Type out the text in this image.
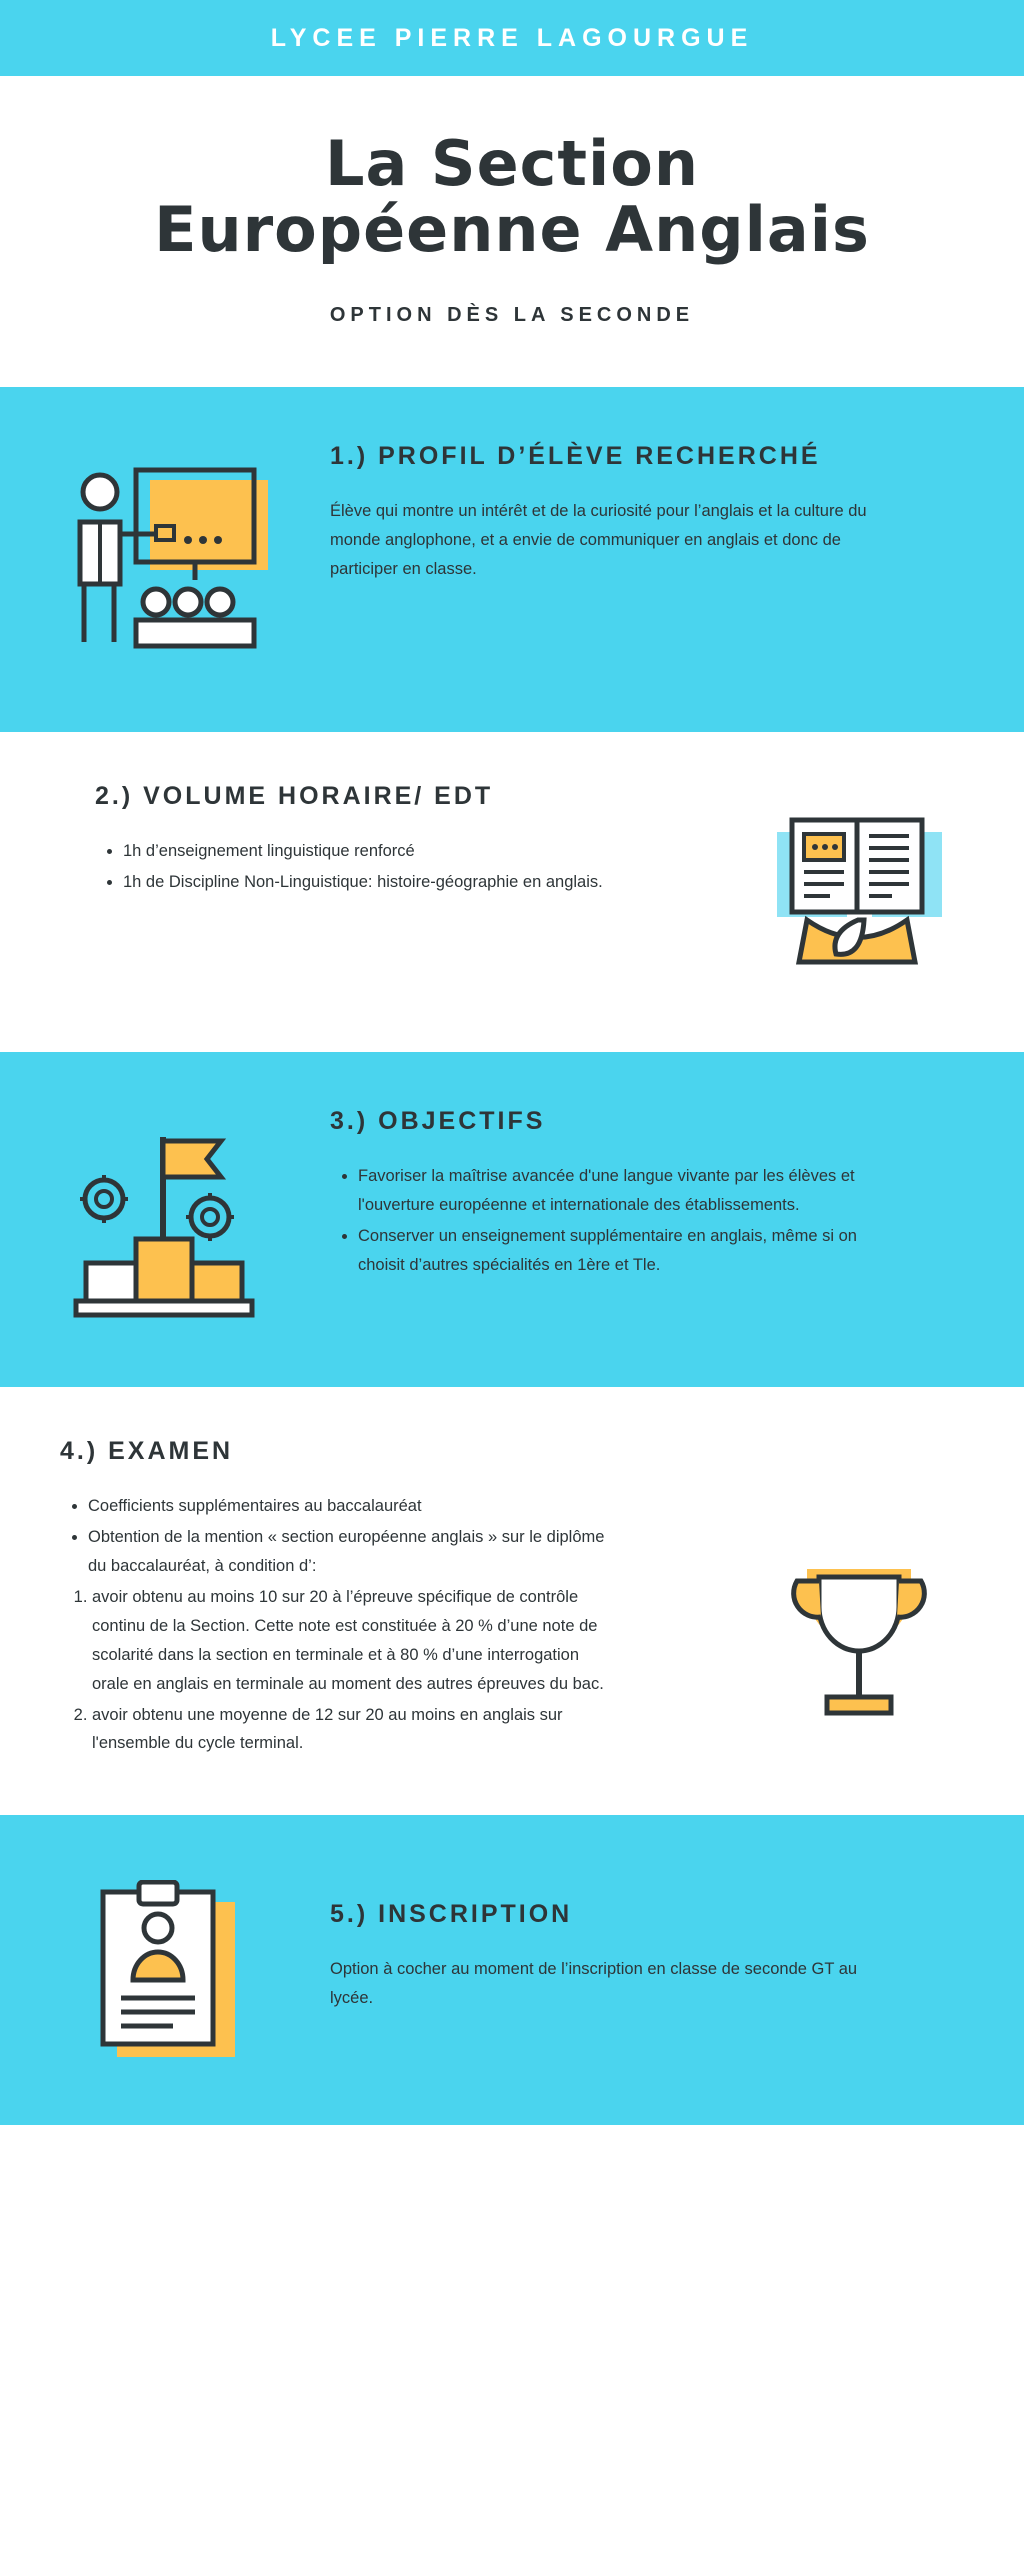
LYCEE PIERRE LAGOURGUE
La Section
Européenne Anglais
OPTION DÈS LA SECONDE
1.) PROFIL D’ÉLÈVE RECHERCHÉ

Élève qui montre un intérêt et de la curiosité pour l’anglais et la culture du monde anglophone, et a envie de communiquer en anglais et donc de participer en classe.

2.) VOLUME HORAIRE/ EDT
• 1h d’enseignement linguistique renforcé
• 1h de Discipline Non-Linguistique: histoire-géographie en anglais.
3.) OBJECTIFS
• Favoriser la maîtrise avancée d'une langue vivante par les élèves et l'ouverture européenne et internationale des établissements.
• Conserver un enseignement supplémentaire en anglais, même si on choisit d’autres spécialités en 1ère et Tle.
4.) EXAMEN
• Coefficients supplémentaires au baccalauréat
• Obtention de la mention « section européenne anglais » sur le diplôme du baccalauréat, à condition d’:
1. avoir obtenu au moins 10 sur 20 à l’épreuve spécifique de contrôle continu de la Section. Cette note est constituée à 20 % d’une note de scolarité dans la section en terminale et à 80 % d’une interrogation orale en anglais en terminale au moment des autres épreuves du bac.
2. avoir obtenu une moyenne de 12 sur 20 au moins en anglais sur l'ensemble du cycle terminal.
5.) INSCRIPTION

Option à cocher au moment de l’inscription en classe de seconde GT au lycée.
